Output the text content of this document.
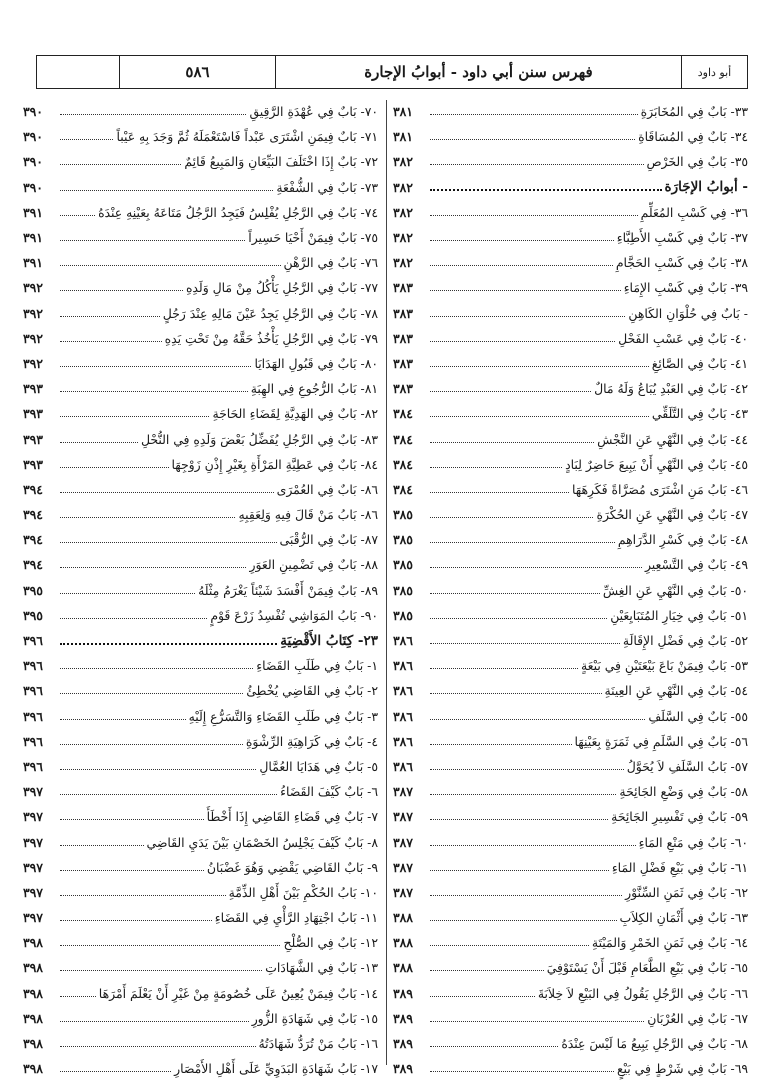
أبو داود
فهرس سنن أبي داود - أبوابُ الإجارة
٥٨٦
٣٣- بَابٌ فِي المُخَابَرَةِ
٣٨١
٣٤- بَابٌ فِي المُسَاقَاةِ
٣٨١
٣٥- بَابٌ فِي الخَرْصِ
٣٨٢
- أبوابُ الإجَارَة
٣٨٢
٣٦- فِي كَسْبِ المُعَلِّمِ
٣٨٢
٣٧- بَابٌ فِي كَسْبِ الأَطِبَّاءِ
٣٨٢
٣٨- بَابٌ فِي كَسْبِ الحَجَّامِ
٣٨٢
٣٩- بَابٌ فِي كَسْبِ الإِمَاءِ
٣٨٣
- بَابٌ فِي حُلْوَانِ الكَاهِنِ
٣٨٣
٤٠- بَابٌ فِي عَسْبِ الفَحْلِ
٣٨٣
٤١- بَابٌ فِي الصَّائِغِ
٣٨٣
٤٢- بَابٌ فِي العَبْدِ يُبَاعُ وَلَهُ مَالٌ
٣٨٣
٤٣- بَابٌ فِي التَّلَقِّي
٣٨٤
٤٤- بَابٌ فِي النَّهْيِ عَنِ النَّجْشِ
٣٨٤
٤٥- بَابٌ فِي النَّهْيِ أَنْ يَبِيعَ حَاضِرٌ لِبَادٍ
٣٨٤
٤٦- بَابُ مَنِ اشْتَرَى مُصَرَّاةً فَكَرِهَهَا
٣٨٤
٤٧- بَابٌ فِي النَّهْيِ عَنِ الحُكْرَةِ
٣٨٥
٤٨- بَابٌ فِي كَسْرِ الدَّرَاهِمِ
٣٨٥
٤٩- بَابٌ فِي التَّسْعِيرِ
٣٨٥
٥٠- بَابٌ فِي النَّهْيِ عَنِ الغِشِّ
٣٨٥
٥١- بَابٌ فِي خِيَارِ المُتَبَايِعَيْنِ
٣٨٥
٥٢- بَابٌ فِي فَضْلِ الإِقَالَةِ
٣٨٦
٥٣- بَابٌ فِيمَنْ بَاعَ بَيْعَتَيْنِ فِي بَيْعَةٍ
٣٨٦
٥٤- بَابٌ فِي النَّهْيِ عَنِ العِينَةِ
٣٨٦
٥٥- بَابٌ فِي السَّلَفِ
٣٨٦
٥٦- بَابٌ فِي السَّلَمِ فِي ثَمَرَةٍ بِعَيْنِهَا
٣٨٦
٥٧- بَابُ السَّلَفِ لاَ يُحَوَّلُ
٣٨٦
٥٨- بَابٌ فِي وَضْعِ الجَائِحَةِ
٣٨٧
٥٩- بَابٌ فِي تَفْسِيرِ الجَائِحَةِ
٣٨٧
٦٠- بَابٌ فِي مَنْعِ المَاءِ
٣٨٧
٦١- بَابٌ فِي بَيْعِ فَضْلِ المَاءِ
٣٨٧
٦٢- بَابٌ فِي ثَمَنِ السِّنَّوْرِ
٣٨٧
٦٣- بَابٌ فِي أَثْمَانِ الكِلاَبِ
٣٨٨
٦٤- بَابٌ فِي ثَمَنِ الخَمْرِ وَالمَيْتَةِ
٣٨٨
٦٥- بَابٌ فِي بَيْعِ الطَّعَامِ قَبْلَ أَنْ يَسْتَوْفِيَ
٣٨٨
٦٦- بَابٌ فِي الرَّجُلِ يَقُولُ فِي البَيْعِ لاَ خِلاَبَةَ
٣٨٩
٦٧- بَابٌ فِي العُرْبَانِ
٣٨٩
٦٨- بَابٌ فِي الرَّجُلِ يَبِيعُ مَا لَيْسَ عِنْدَهُ
٣٨٩
٦٩- بَابٌ فِي شَرْطٍ فِي بَيْعٍ
٣٨٩
٧٠- بَابٌ فِي عُهْدَةِ الرَّقِيقِ
٣٩٠
٧١- بَابٌ فِيمَنِ اشْتَرَى عَبْداً فَاسْتَعْمَلَهُ ثُمَّ وَجَدَ بِهِ عَيْباً
٣٩٠
٧٢- بَابٌ إِذَا اخْتَلَفَ البَيِّعَانِ وَالمَبِيعُ قَائِمٌ
٣٩٠
٧٣- بَابٌ فِي الشُّفْعَةِ
٣٩٠
٧٤- بَابٌ فِي الرَّجُلِ يُفْلِسُ فَيَجِدُ الرَّجُلُ مَتَاعَهُ بِعَيْنِهِ عِنْدَهُ
٣٩١
٧٥- بَابٌ فِيمَنْ أَحْيَا حَسِيراً
٣٩١
٧٦- بَابٌ فِي الرَّهْنِ
٣٩١
٧٧- بَابٌ فِي الرَّجُلِ يَأْكُلُ مِنْ مَالِ وَلَدِهِ
٣٩٢
٧٨- بَابٌ فِي الرَّجُلِ يَجِدُ عَيْنَ مَالِهِ عِنْدَ رَجُلٍ
٣٩٢
٧٩- بَابٌ فِي الرَّجُلِ يَأْخُذُ حَقَّهُ مِنْ تَحْتِ يَدِهِ
٣٩٢
٨٠- بَابٌ فِي قَبُولِ الهَدَايَا
٣٩٢
٨١- بَابُ الرُّجُوعِ فِي الهِبَةِ
٣٩٣
٨٢- بَابٌ فِي الهَدِيَّةِ لِقَضَاءِ الحَاجَةِ
٣٩٣
٨٣- بَابٌ فِي الرَّجُلِ يُفَضِّلُ بَعْضَ وَلَدِهِ فِي النُّحْلِ
٣٩٣
٨٤- بَابٌ فِي عَطِيَّةِ المَرْأَةِ بِغَيْرِ إِذْنِ زَوْجِهَا
٣٩٣
٨٦- بَابٌ فِي العُمْرَى
٣٩٤
٨٦- بَابُ مَنْ قَالَ فِيهِ وَلِعَقِبِهِ
٣٩٤
٨٧- بَابٌ فِي الرُّقْبَى
٣٩٤
٨٨- بَابٌ فِي تَضْمِينِ العَوَرِ
٣٩٤
٨٩- بَابٌ فِيمَنْ أَفْسَدَ شَيْئاً يَغْرَمُ مِثْلَهُ
٣٩٥
٩٠- بَابُ المَوَاشِي تُفْسِدُ زَرْعَ قَوْمٍ
٣٩٥
٢٣- كِتَابُ الأَقْضِيَةِ
٣٩٦
١- بَابٌ فِي طَلَبِ القَضَاءِ
٣٩٦
٢- بَابٌ فِي القَاضِي يُخْطِئُ
٣٩٦
٣- بَابٌ فِي طَلَبِ القَضَاءِ وَالتَّسَرُّعِ إِلَيْهِ
٣٩٦
٤- بَابٌ فِي كَرَاهِيَةِ الرِّشْوَةِ
٣٩٦
٥- بَابٌ فِي هَدَايَا العُمَّالِ
٣٩٦
٦- بَابٌ كَيْفَ القَضَاءُ
٣٩٧
٧- بَابٌ فِي قَضَاءِ القَاضِي إِذَا أَخْطَأَ
٣٩٧
٨- بَابٌ كَيْفَ يَجْلِسُ الخَصْمَانِ بَيْنَ يَدَيِ القَاضِي
٣٩٧
٩- بَابٌ القَاضِي يَقْضِي وَهُوَ غَضْبَانُ
٣٩٧
١٠- بَابُ الحُكْمِ بَيْنَ أَهْلِ الذِّمَّةِ
٣٩٧
١١- بَابُ اجْتِهَادِ الرَّأْيِ فِي القَضَاءِ
٣٩٧
١٢- بَابٌ فِي الصُّلْحِ
٣٩٨
١٣- بَابٌ فِي الشَّهَادَاتِ
٣٩٨
١٤- بَابٌ فِيمَنْ يُعِينُ عَلَى خُصُومَةٍ مِنْ غَيْرِ أَنْ يَعْلَمَ أَمْرَهَا
٣٩٨
١٥- بَابٌ فِي شَهَادَةِ الزُّورِ
٣٩٨
١٦- بَابُ مَنْ تُرَدُّ شَهَادَتُهُ
٣٩٨
١٧- بَابُ شَهَادَةِ البَدَوِيِّ عَلَى أَهْلِ الأَمْصَارِ
٣٩٨
